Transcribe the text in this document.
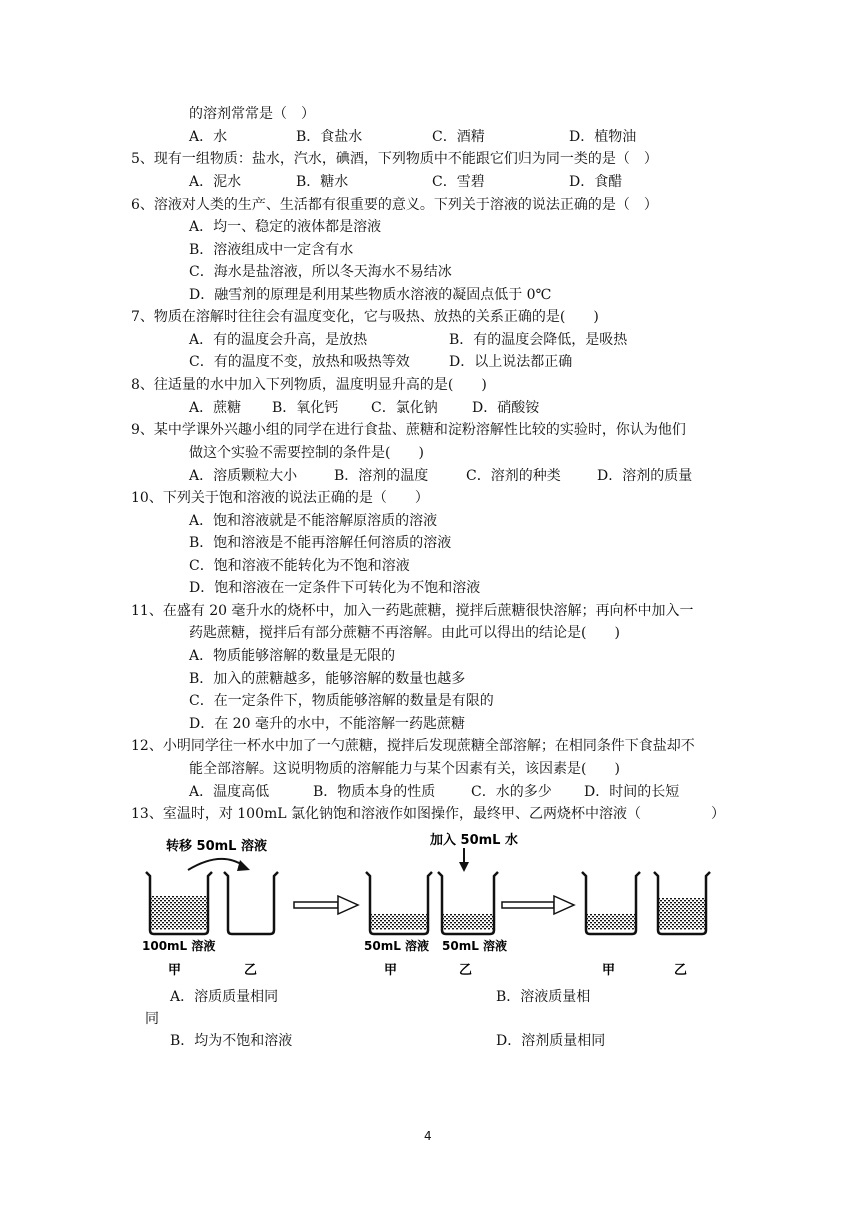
的溶剂常常是（　）
A．水	B．食盐水	C．酒精	D．植物油
5、现有一组物质：盐水，汽水，碘酒，下列物质中不能跟它们归为同一类的是（　）
A．泥水	B．糖水	C．雪碧	D．食醋
6、溶液对人类的生产、生活都有很重要的意义。下列关于溶液的说法正确的是（　）
A．均一、稳定的液体都是溶液
B．溶液组成中一定含有水
C．海水是盐溶液，所以冬天海水不易结冰
D．融雪剂的原理是利用某些物质水溶液的凝固点低于 0℃
7、物质在溶解时往往会有温度变化，它与吸热、放热的关系正确的是(　　)
A．有的温度会升高，是放热	B．有的温度会降低，是吸热
C．有的温度不变，放热和吸热等效	D．以上说法都正确
8、往适量的水中加入下列物质，温度明显升高的是(　　)
A．蔗糖 B．氧化钙 C．氯化钠 D．硝酸铵
9、某中学课外兴趣小组的同学在进行食盐、蔗糖和淀粉溶解性比较的实验时，你认为他们
做这个实验不需要控制的条件是(　　)
A．溶质颗粒大小	B．溶剂的温度	C．溶剂的种类	D．溶剂的质量
10、下列关于饱和溶液的说法正确的是（　　）
A．饱和溶液就是不能溶解原溶质的溶液
B．饱和溶液是不能再溶解任何溶质的溶液
C．饱和溶液不能转化为不饱和溶液
D．饱和溶液在一定条件下可转化为不饱和溶液
11、在盛有 20 毫升水的烧杯中，加入一药匙蔗糖，搅拌后蔗糖很快溶解；再向杯中加入一
药匙蔗糖，搅拌后有部分蔗糖不再溶解。由此可以得出的结论是(　　)
A．物质能够溶解的数量是无限的
B．加入的蔗糖越多，能够溶解的数量也越多
C．在一定条件下，物质能够溶解的数量是有限的
D．在 20 毫升的水中，不能溶解一药匙蔗糖
12、小明同学往一杯水中加了一勺蔗糖，搅拌后发现蔗糖全部溶解；在相同条件下食盐却不
能全部溶解。这说明物质的溶解能力与某个因素有关，该因素是(　　)
A．温度高低	B．物质本身的性质	C．水的多少 D．时间的长短
13、室温时，对 100mL 氯化钠饱和溶液作如图操作，最终甲、乙两烧杯中溶液（　　　　　）
转移 50mL 溶液
100mL 溶液
甲	乙
加入 50mL 水
50mL 溶液 50mL 溶液
甲	乙	甲	乙
A．溶质质量相同	B．溶液质量相
同
B．均为不饱和溶液	D．溶剂质量相同
4
